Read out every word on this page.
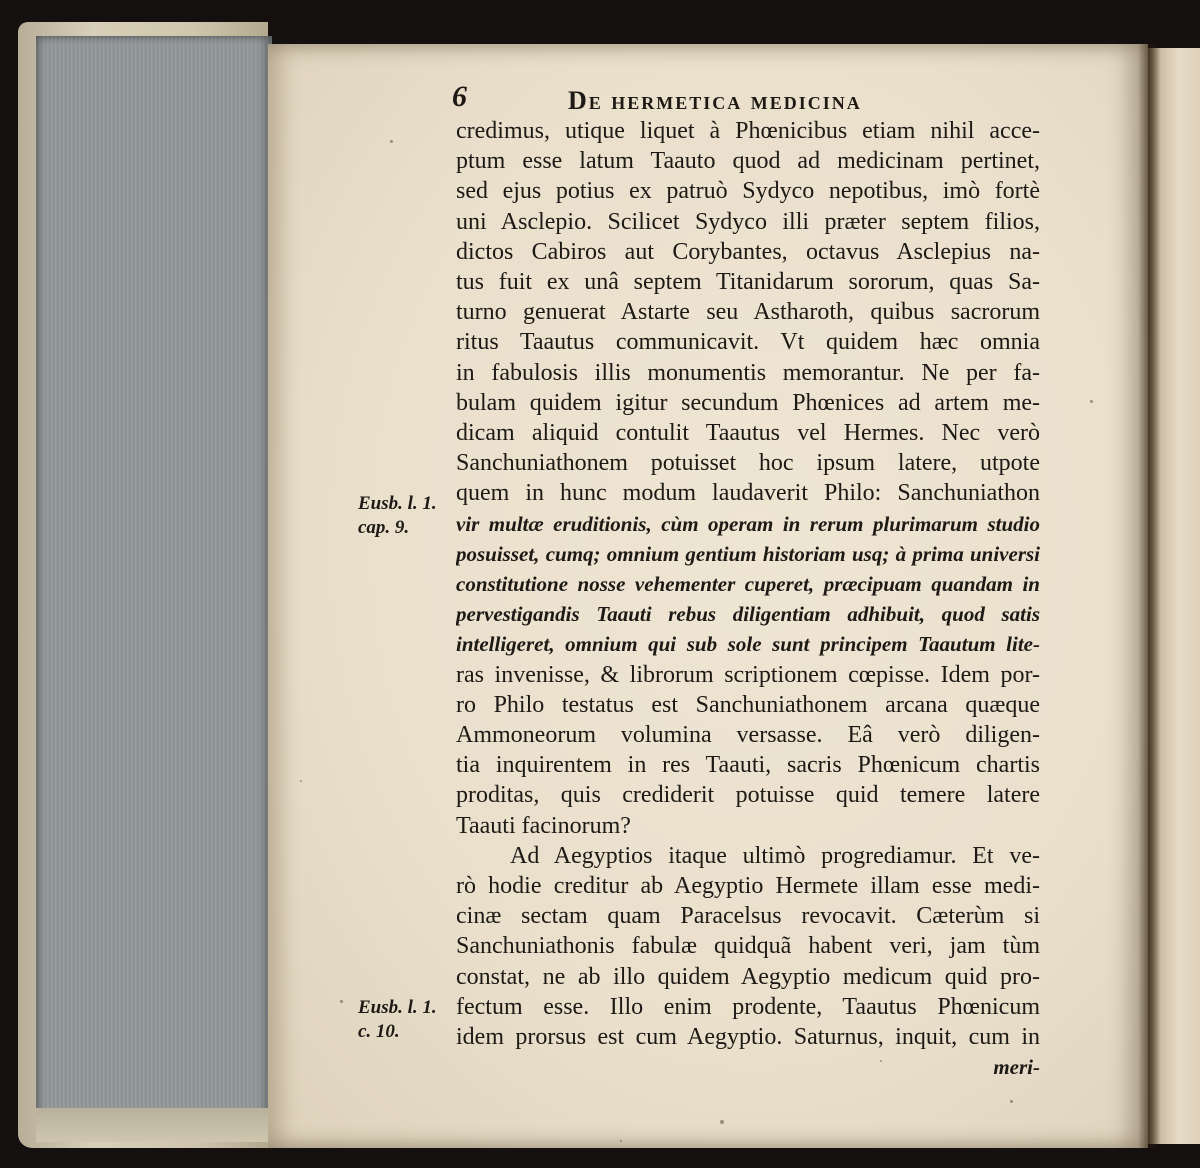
6	De hermetica medicina
Eusb. l. 1.
cap. 9.
credimus, utique liquet à Phœnicibus etiam nihil acce-
ptum esse latum Taauto quod ad medicinam pertinet,
sed ejus potius ex patruò Sydyco nepotibus, imò fortè
uni Asclepio. Scilicet Sydyco illi præter septem filios,
dictos Cabiros aut Corybantes, octavus Asclepius na-
tus fuit ex unâ septem Titanidarum sororum, quas Sa-
turno genuerat Astarte seu Astharoth, quibus sacrorum
ritus Taautus communicavit. Vt quidem hæc omnia
in fabulosis illis monumentis memorantur. Ne per fa-
bulam quidem igitur secundum Phœnices ad artem me-
dicam aliquid contulit Taautus vel Hermes. Nec verò
Sanchuniathonem potuisset hoc ipsum latere, utpote
quem in hunc modum laudaverit Philo: Sanchuniathon
vir multæ eruditionis, cùm operam in rerum plurimarum studio
posuisset, cumq; omnium gentium historiam usq; à prima universi
constitutione nosse vehementer cuperet, præcipuam quandam in
pervestigandis Taauti rebus diligentiam adhibuit, quod satis
intelligeret, omnium qui sub sole sunt principem Taautum lite-
ras invenisse, & librorum scriptionem cœpisse. Idem por-
ro Philo testatus est Sanchuniathonem arcana quæque
Ammoneorum volumina versasse. Eâ verò diligen-
tia inquirentem in res Taauti, sacris Phœnicum chartis
proditas, quis crediderit potuisse quid temere latere
Taauti facinorum?
Ad Aegyptios itaque ultimò progrediamur. Et ve-
rò hodie creditur ab Aegyptio Hermete illam esse medi-
cinæ sectam quam Paracelsus revocavit. Cæterùm si
Sanchuniathonis fabulæ quidquã habent veri, jam tùm
constat, ne ab illo quidem Aegyptio medicum quid pro-
fectum esse. Illo enim prodente, Taautus Phœnicum
idem prorsus est cum Aegyptio. Saturnus, inquit, cum in
meri-
Eusb. l. 1.
c. 10.
